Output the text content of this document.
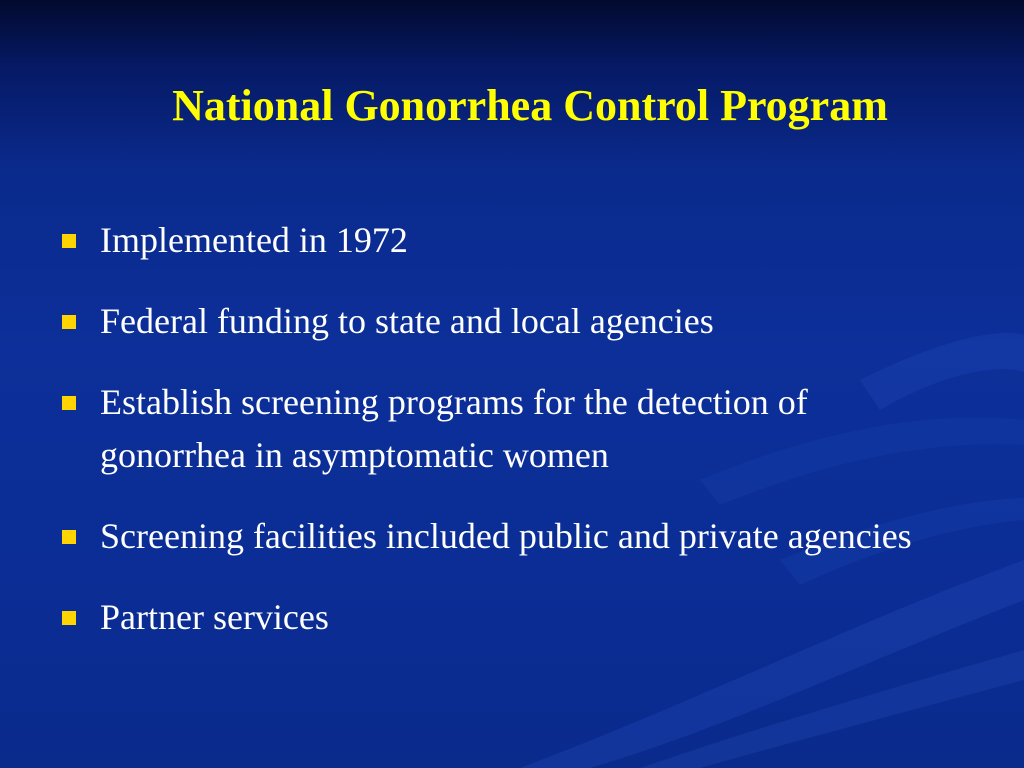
National Gonorrhea Control Program
Implemented in 1972
Federal funding to state and local agencies
Establish screening programs for the detection of gonorrhea in asymptomatic women
Screening facilities included public and private agencies
Partner services
